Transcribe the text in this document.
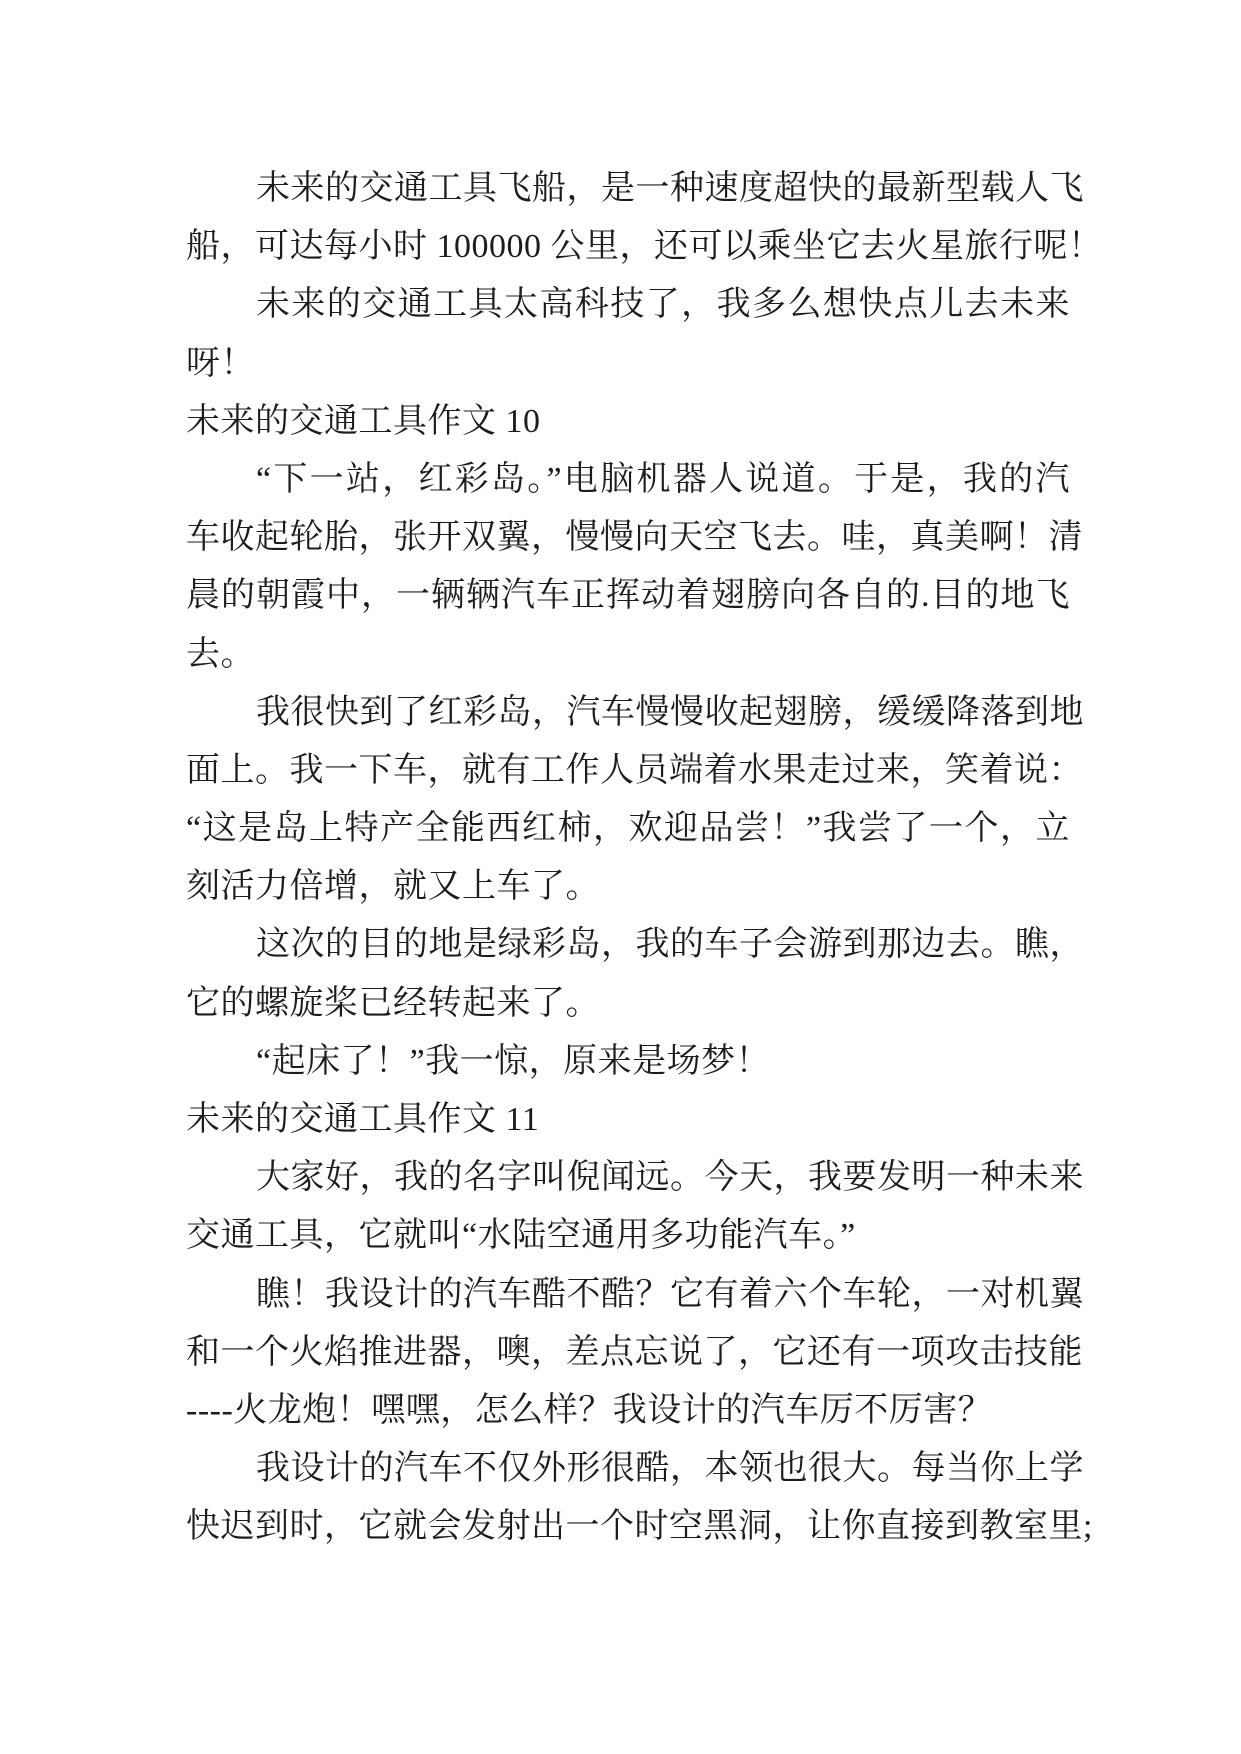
未来的交通工具飞船，是一种速度超快的最新型载人飞
船，可达每小时 100000 公里，还可以乘坐它去火星旅行呢！
未来的交通工具太高科技了，我多么想快点儿去未来
呀！
未来的交通工具作文 10
“下一站，红彩岛。”电脑机器人说道。于是，我的汽
车收起轮胎，张开双翼，慢慢向天空飞去。哇，真美啊！清
晨的朝霞中，一辆辆汽车正挥动着翅膀向各自的.目的地飞
去。
我很快到了红彩岛，汽车慢慢收起翅膀，缓缓降落到地
面上。我一下车，就有工作人员端着水果走过来，笑着说：
“这是岛上特产全能西红柿，欢迎品尝！”我尝了一个，立
刻活力倍增，就又上车了。
这次的目的地是绿彩岛，我的车子会游到那边去。瞧，
它的螺旋桨已经转起来了。
“起床了！”我一惊，原来是场梦！
未来的交通工具作文 11
大家好，我的名字叫倪闻远。今天，我要发明一种未来
交通工具，它就叫“水陆空通用多功能汽车。”
瞧！我设计的汽车酷不酷？它有着六个车轮，一对机翼
和一个火焰推进器，噢，差点忘说了，它还有一项攻击技能
----火龙炮！嘿嘿，怎么样？我设计的汽车厉不厉害？
我设计的汽车不仅外形很酷，本领也很大。每当你上学
快迟到时，它就会发射出一个时空黑洞，让你直接到教室里;
